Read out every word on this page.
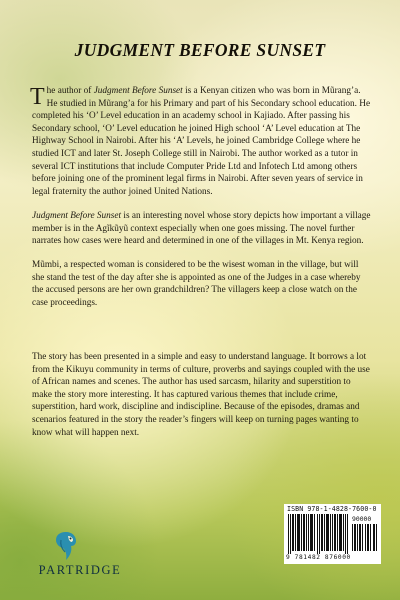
JUDGMENT BEFORE SUNSET

The author of Judgment Before Sunset is a Kenyan citizen who was born in Mũrang’a. He studied in Mũrang’a for his Primary and part of his Secondary school education. He completed his ‘O’ Level education in an academy school in Kajiado. After passing his Secondary school, ‘O’ Level education he joined High school ‘A’ Level education at The Highway School in Nairobi. After his ‘A’ Levels, he joined Cambridge College where he studied ICT and later St. Joseph College still in Nairobi. The author worked as a tutor in several ICT institutions that include Computer Pride Ltd and Infotech Ltd among others before joining one of the prominent legal firms in Nairobi. After seven years of service in legal fraternity the author joined United Nations.

Judgment Before Sunset is an interesting novel whose story depicts how important a village member is in the Agĩkũyũ context especially when one goes missing. The novel further narrates how cases were heard and determined in one of the villages in Mt. Kenya region.

Mũmbi, a respected woman is considered to be the wisest woman in the village, but will she stand the test of the day after she is appointed as one of the Judges in a case whereby the accused persons are her own grandchildren? The villagers keep a close watch on the case proceedings.

The story has been presented in a simple and easy to understand language. It borrows a lot from the Kikuyu community in terms of culture, proverbs and sayings coupled with the use of African names and scenes. The author has used sarcasm, hilarity and superstition to make the story more interesting. It has captured various themes that include crime, superstition, hard work, discipline and indiscipline. Because of the episodes, dramas and scenarios featured in the story the reader’s fingers will keep on turning pages wanting to know what will happen next.

ISBN 978-1-4828-7600-0
90000
9 781482 876000
PARTRIDGE
